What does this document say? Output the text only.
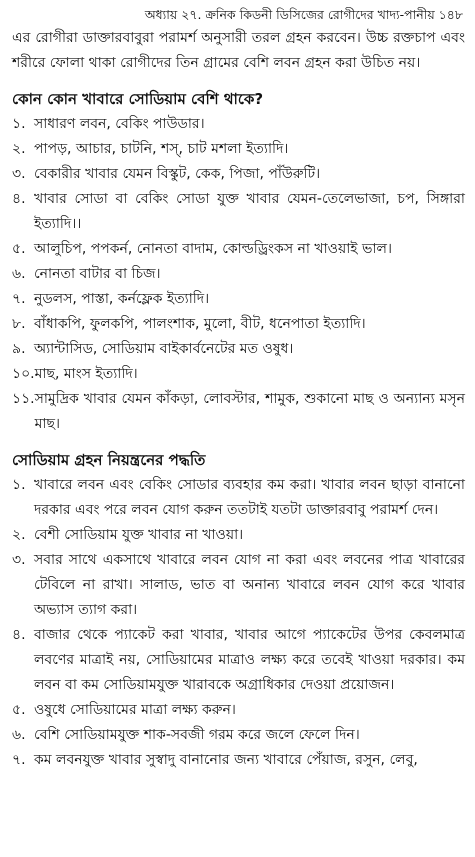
অধ্যায় ২৭. ক্রনিক কিডনী ডিসিজের রোগীদের খাদ্য-পানীয় ১৪৮

এর রোগীরা ডাক্তারবাবুরা পরামর্শ অনুসারী তরল গ্রহন করবেন। উচ্চ রক্তচাপ এবং শরীরে ফোলা থাকা রোগীদের তিন গ্রামের বেশি লবন গ্রহন করা উচিত নয়।

কোন কোন খাবারে সোডিয়াম বেশি থাকে?
১. সাধারণ লবন, বেকিং পাউডার।
২. পাপড়, আচার, চাটনি, শস্, চাট মশলা ইত্যাদি।
৩. বেকারীর খাবার যেমন বিস্কুট, কেক, পিজা, পাঁউরুটি।
৪. খাবার সোডা বা বেকিং সোডা যুক্ত খাবার যেমন-তেলেভাজা, চপ, সিঙ্গারা ইত্যাদি।।
৫. আলুচিপ, পপকর্ন, নোনতা বাদাম, কোল্ডড্রিংকস না খাওয়াই ভাল।
৬. নোনতা বাটার বা চিজ।
৭. নুডলস, পাস্তা, কর্নফ্লেক ইত্যাদি।
৮. বাঁধাকপি, ফুলকপি, পালংশাক, মুলো, বীট, ধনেপাতা ইত্যাদি।
৯. অ্যান্টাসিড, সোডিয়াম বাইকার্বনেটের মত ওষুধ।
১০. মাছ, মাংস ইত্যাদি।
১১. সামুদ্রিক খাবার যেমন কাঁকড়া, লোবস্টার, শামুক, শুকানো মাছ ও অন্যান্য মসৃন মাছ।
সোডিয়াম গ্রহন নিয়ন্ত্রনের পদ্ধতি
১. খাবারে লবন এবং বেকিং সোডার ব্যবহার কম করা। খাবার লবন ছাড়া বানানো দরকার এবং পরে লবন যোগ করুন ততটাই যতটা ডাক্তারবাবু পরামর্শ দেন।
২. বেশী সোডিয়াম যুক্ত খাবার না খাওয়া।
৩. সবার সাথে একসাথে খাবারে লবন যোগ না করা এবং লবনের পাত্র খাবারের টেবিলে না রাখা। সালাড, ভাত বা অনান্য খাবারে লবন যোগ করে খাবার অভ্যাস ত্যাগ করা।
৪. বাজার থেকে প্যাকেট করা খাবার, খাবার আগে প্যাকেটের উপর কেবলমাত্র লবণের মাত্রাই নয়, সোডিয়ামের মাত্রাও লক্ষ্য করে তবেই খাওয়া দরকার। কম লবন বা কম সোডিয়ামযুক্ত খারাবকে অগ্রাধিকার দেওয়া প্রয়োজন।
৫. ওষুধে সোডিয়ামের মাত্রা লক্ষ্য করুন।
৬. বেশি সোডিয়ামযুক্ত শাক-সবজী গরম করে জলে ফেলে দিন।
৭. কম লবনযুক্ত খাবার সুস্বাদু বানানোর জন্য খাবারে পেঁয়াজ, রসুন, লেবু,
